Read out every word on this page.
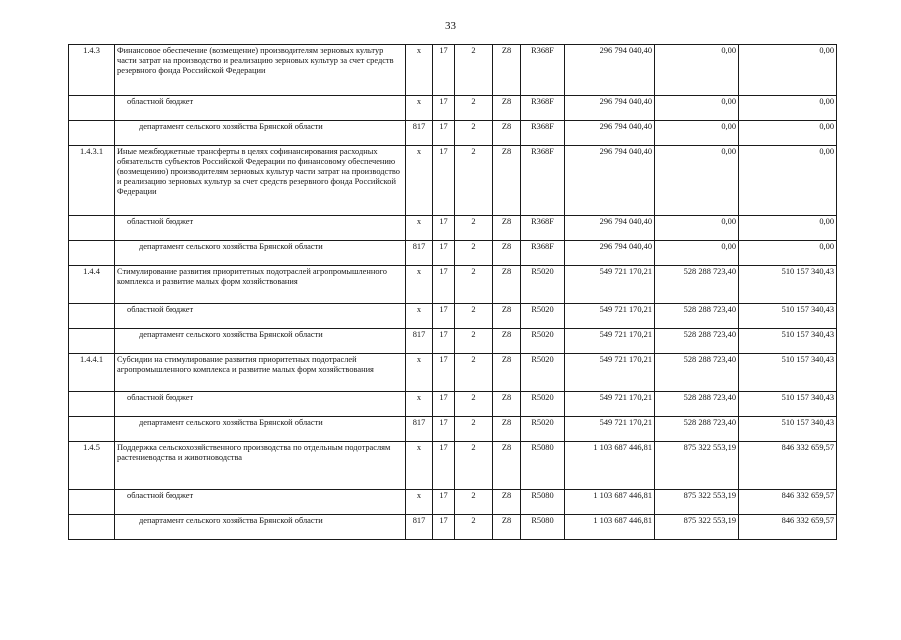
33
1.4.3	Финансовое обеспечение (возмещение) производителям зерновых культур части затрат на производство и реализацию зерновых культур за счет средств резервного фонда Российской Федерации	x	17	2	Z8	R368F	296 794 040,40	0,00	0,00
	областной бюджет	x	17	2	Z8	R368F	296 794 040,40	0,00	0,00
	департамент сельского хозяйства Брянской области	817	17	2	Z8	R368F	296 794 040,40	0,00	0,00
1.4.3.1	Иные межбюджетные трансферты в целях софинансирования расходных обязательств субъектов Российской Федерации по финансовому обеспечению (возмещению) производителям зерновых культур части затрат на производство и реализацию зерновых культур за счет средств резервного фонда Российской Федерации	x	17	2	Z8	R368F	296 794 040,40	0,00	0,00
	областной бюджет	x	17	2	Z8	R368F	296 794 040,40	0,00	0,00
	департамент сельского хозяйства Брянской области	817	17	2	Z8	R368F	296 794 040,40	0,00	0,00
1.4.4	Стимулирование развития приоритетных подотраслей агропромышленного комплекса и развитие малых форм хозяйствования	x	17	2	Z8	R5020	549 721 170,21	528 288 723,40	510 157 340,43
	областной бюджет	x	17	2	Z8	R5020	549 721 170,21	528 288 723,40	510 157 340,43
	департамент сельского хозяйства Брянской области	817	17	2	Z8	R5020	549 721 170,21	528 288 723,40	510 157 340,43
1.4.4.1	Субсидии на стимулирование развития приоритетных подотраслей агропромышленного комплекса и развитие малых форм хозяйствования	x	17	2	Z8	R5020	549 721 170,21	528 288 723,40	510 157 340,43
	областной бюджет	x	17	2	Z8	R5020	549 721 170,21	528 288 723,40	510 157 340,43
	департамент сельского хозяйства Брянской области	817	17	2	Z8	R5020	549 721 170,21	528 288 723,40	510 157 340,43
1.4.5	Поддержка сельскохозяйственного производства по отдельным подотраслям растениеводства и животноводства	x	17	2	Z8	R5080	1 103 687 446,81	875 322 553,19	846 332 659,57
	областной бюджет	x	17	2	Z8	R5080	1 103 687 446,81	875 322 553,19	846 332 659,57
	департамент сельского хозяйства Брянской области	817	17	2	Z8	R5080	1 103 687 446,81	875 322 553,19	846 332 659,57
